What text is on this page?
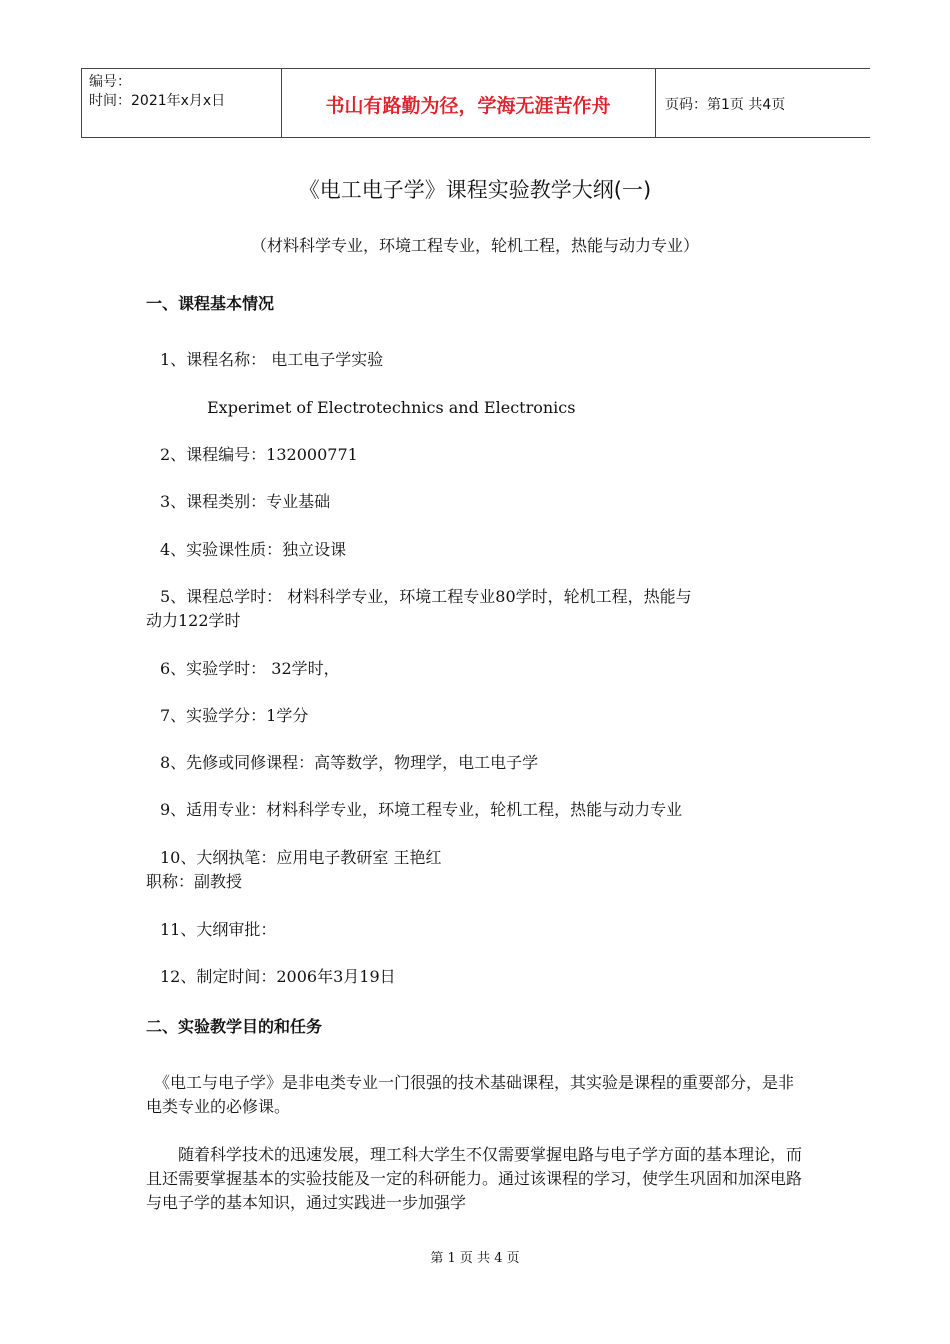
编号：
时间：2021年x月x日	书山有路勤为径，学海无涯苦作舟	页码：第1页 共4页
《电工电子学》课程实验教学大纲(一)
（材料科学专业，环境工程专业，轮机工程，热能与动力专业）
一、课程基本情况
1、课程名称： 电工电子学实验
Experimet of Electrotechnics and Electronics
2、课程编号：132000771
3、课程类别：专业基础
4、实验课性质：独立设课
5、课程总学时： 材料科学专业，环境工程专业80学时，轮机工程，热能与
动力122学时
6、实验学时： 32学时，
7、实验学分：1学分
8、先修或同修课程：高等数学，物理学，电工电子学
9、适用专业：材料科学专业，环境工程专业，轮机工程，热能与动力专业
10、大纲执笔：应用电子教研室 王艳红
职称：副教授
11、大纲审批：
12、制定时间：2006年3月19日
二、实验教学目的和任务
　《电工与电子学》是非电类专业一门很强的技术基础课程，其实验是课程的重要部分，是非电类专业的必修课。
　　随着科学技术的迅速发展，理工科大学生不仅需要掌握电路与电子学方面的基本理论，而且还需要掌握基本的实验技能及一定的科研能力。通过该课程的学习，使学生巩固和加深电路与电子学的基本知识，通过实践进一步加强学
第 1 页 共 4 页
